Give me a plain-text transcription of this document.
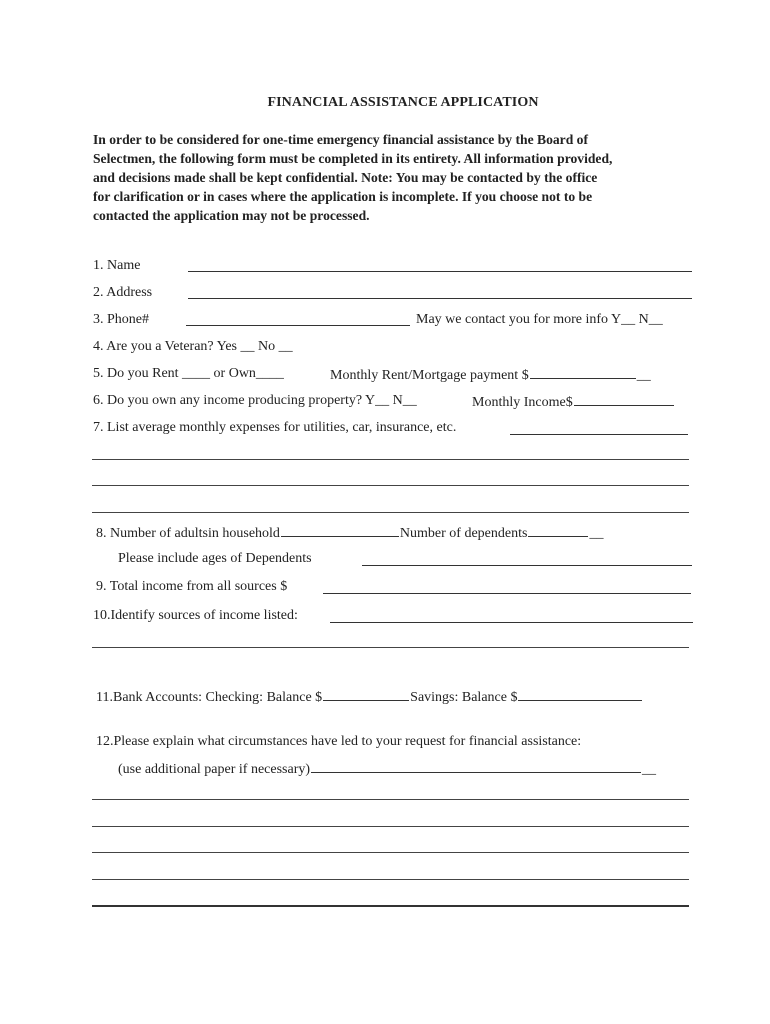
FINANCIAL ASSISTANCE APPLICATION

In order to be considered for one-time emergency financial assistance by the Board of
Selectmen, the following form must be completed in its entirety. All information provided,
and decisions made shall be kept confidential. Note: You may be contacted by the office
for clarification or in cases where the application is incomplete. If you choose not to be
contacted the application may not be processed.

1. Name
2. Address
3. Phone#	May we contact you for more info Y__ N__
4. Are you a Veteran? Yes __ No __
5. Do you Rent ____ or Own____	Monthly Rent/Mortgage payment $	__
6. Do you own any income producing property? Y__ N__	Monthly Income$
7. List average monthly expenses for utilities, car, insurance, etc.
8. Number of adultsin household	Number of dependents	__
Please include ages of Dependents
9. Total income from all sources $
10.Identify sources of income listed:
11.Bank Accounts: Checking: Balance $	Savings: Balance $
12.Please explain what circumstances have led to your request for financial assistance:
(use additional paper if necessary)	__
